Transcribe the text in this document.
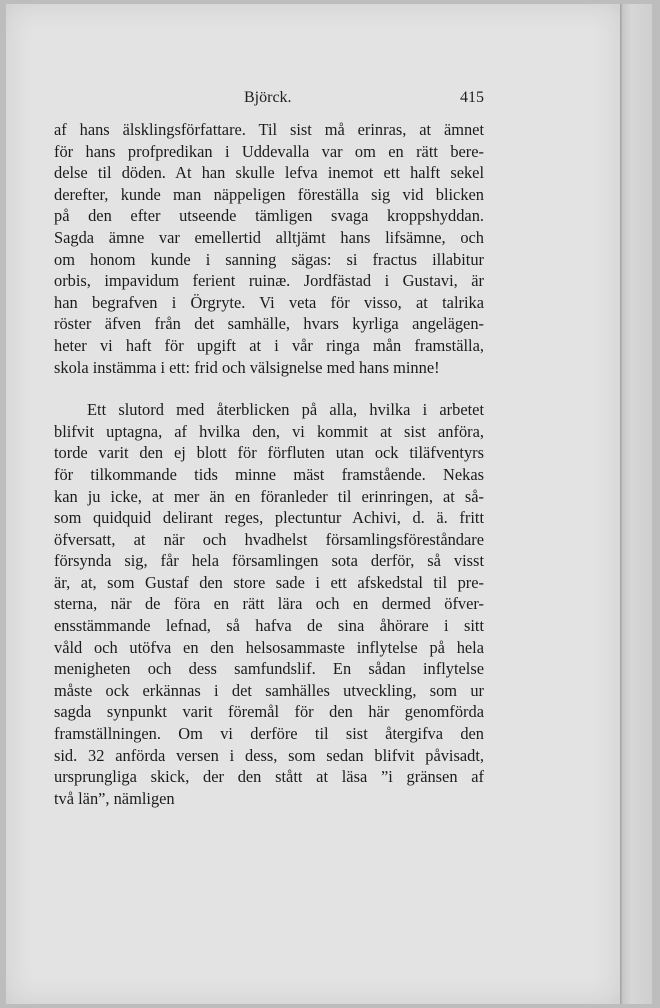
Björck.	415
af hans älsklingsförfattare. Til sist må erinras, at ämnet
för hans profpredikan i Uddevalla var om en rätt bere-
delse til döden. At han skulle lefva inemot ett halft sekel
derefter, kunde man näppeligen föreställa sig vid blicken
på den efter utseende tämligen svaga kroppshyddan.
Sagda ämne var emellertid alltjämt hans lifsämne, och
om honom kunde i sanning sägas: si fractus illabitur
orbis, impavidum ferient ruinæ. Jordfästad i Gustavi, är
han begrafven i Örgryte. Vi veta för visso, at talrika
röster äfven från det samhälle, hvars kyrliga angelägen-
heter vi haft för upgift at i vår ringa mån framställa,
skola instämma i ett: frid och välsignelse med hans minne!
Ett slutord med återblicken på alla, hvilka i arbetet
blifvit uptagna, af hvilka den, vi kommit at sist anföra,
torde varit den ej blott för förfluten utan ock tiläfventyrs
för tilkommande tids minne mäst framstående. Nekas
kan ju icke, at mer än en föranleder til erinringen, at så-
som quidquid delirant reges, plectuntur Achivi, d. ä. fritt
öfversatt, at när och hvadhelst församlingsföreståndare
försynda sig, får hela församlingen sota derför, så visst
är, at, som Gustaf den store sade i ett afskedstal til pre-
sterna, när de föra en rätt lära och en dermed öfver-
ensstämmande lefnad, så hafva de sina åhörare i sitt
våld och utöfva en den helsosammaste inflytelse på hela
menigheten och dess samfundslif. En sådan inflytelse
måste ock erkännas i det samhälles utveckling, som ur
sagda synpunkt varit föremål för den här genomförda
framställningen. Om vi derföre til sist återgifva den
sid. 32 anförda versen i dess, som sedan blifvit påvisadt,
ursprungliga skick, der den stått at läsa ”i gränsen af
två län”, nämligen
